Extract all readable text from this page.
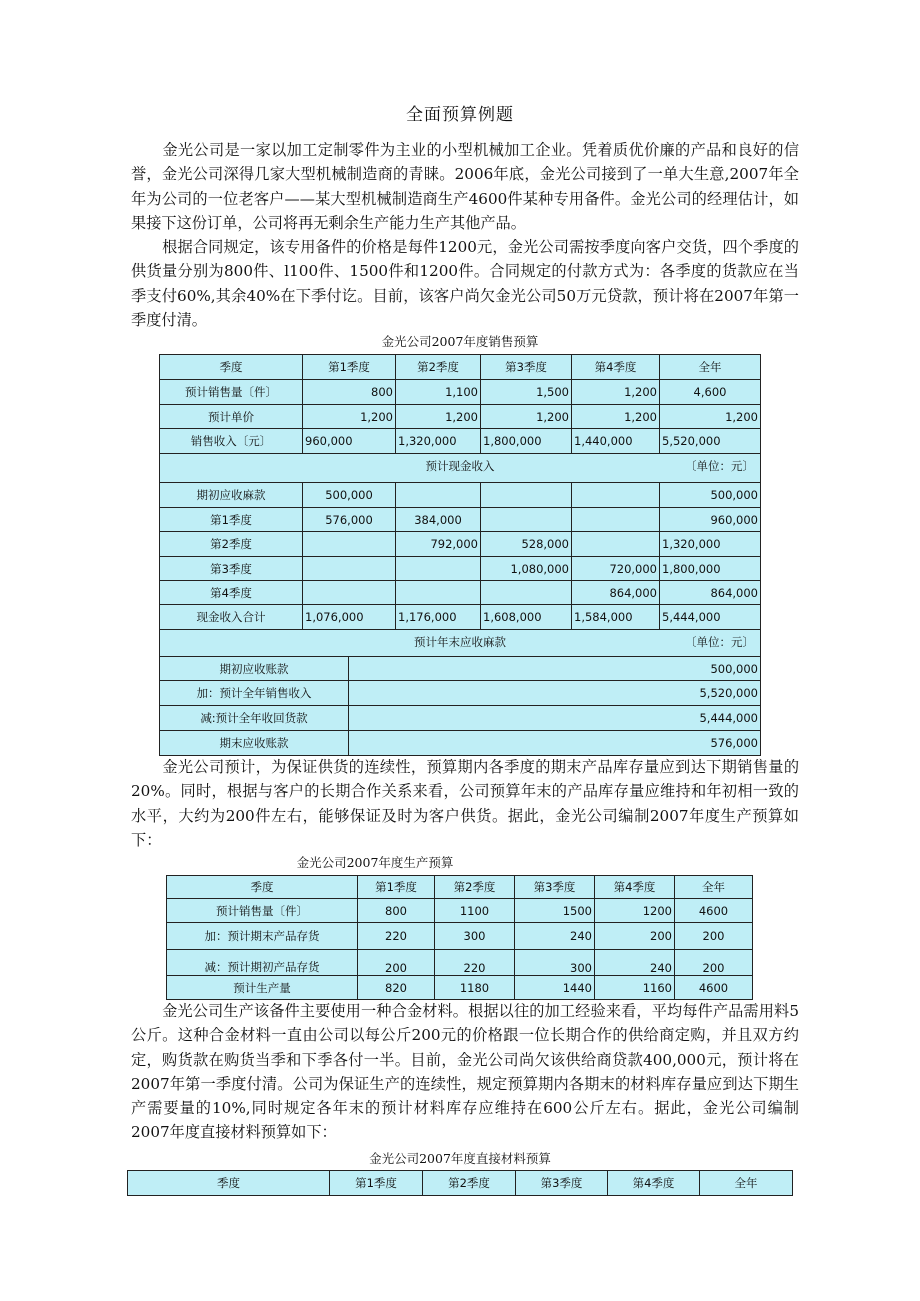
全面预算例题

金光公司是一家以加工定制零件为主业的小型机械加工企业。凭着质优价廉的产品和良好的信誉，金光公司深得几家大型机械制造商的青睐。2006年底，金光公司接到了一单大生意,2007年全年为公司的一位老客户——某大型机械制造商生产4600件某种专用备件。金光公司的经理估计，如果接下这份订单，公司将再无剩余生产能力生产其他产品。

根据合同规定，该专用备件的价格是每件1200元，金光公司需按季度向客户交货，四个季度的供货量分别为800件、l100件、1500件和1200件。合同规定的付款方式为：各季度的货款应在当季支付60%,其余40%在下季付讫。目前，该客户尚欠金光公司50万元贷款，预计将在2007年第一季度付清。

金光公司2007年度销售预算
季度	第1季度	第2季度	第3季度	第4季度	全年
预计销售量〔件〕	800	1,100	1,500	1,200	4,600
预计单价	1,200	1,200	1,200	1,200	1,200
销售收入〔元〕	960,000	1,320,000	1,800,000	1,440,000	5,520,000

预计现金收入 〔单位：元〕					

期初应收麻款	500,000				500,000
第1季度	576,000	384,000			960,000
第2季度		792,000	528,000		1,320,000
第3季度			1,080,000	720,000	1,800,000
第4季度				864,000	864,000
现金收入合计	1,076,000	1,176,000	1,608,000	1,584,000	5,444,000

预计年末应收麻款 〔单位：元〕					
期初应收账款	500,000
加：预计全年销售收入	5,520,000
减:预计全年收回货款	5,444,000
期末应收账款	576,000

金光公司预计，为保证供货的连续性，预算期内各季度的期末产品库存量应到达下期销售量的20%。同时，根据与客户的长期合作关系来看，公司预算年末的产品库存量应维持和年初相一致的水平，大约为200件左右，能够保证及时为客户供货。据此，金光公司编制2007年度生产预算如下：

金光公司2007年度生产预算
季度	第1季度	第2季度	第3季度	第4季度	全年
预计销售量〔件〕	800	1100	1500	1200	4600
加：预计期末产品存货	220	300	240	200	200
减：预计期初产品存货	200	220	300	240	200
预计生产量	820	1180	1440	1160	4600

金光公司生产该备件主要使用一种合金材料。根据以往的加工经验来看，平均每件产品需用料5公斤。这种合金材料一直由公司以每公斤200元的价格跟一位长期合作的供给商定购，并且双方约定，购货款在购货当季和下季各付一半。目前，金光公司尚欠该供给商贷款400,000元，预计将在2007年第一季度付清。公司为保证生产的连续性，规定预算期内各期末的材料库存量应到达下期生产需要量的10%,同时规定各年末的预计材料库存应维持在600公斤左右。据此，金光公司编制2007年度直接材料预算如下：

金光公司2007年度直接材料预算
季度	第1季度	第2季度	第3季度	第4季度	全年
